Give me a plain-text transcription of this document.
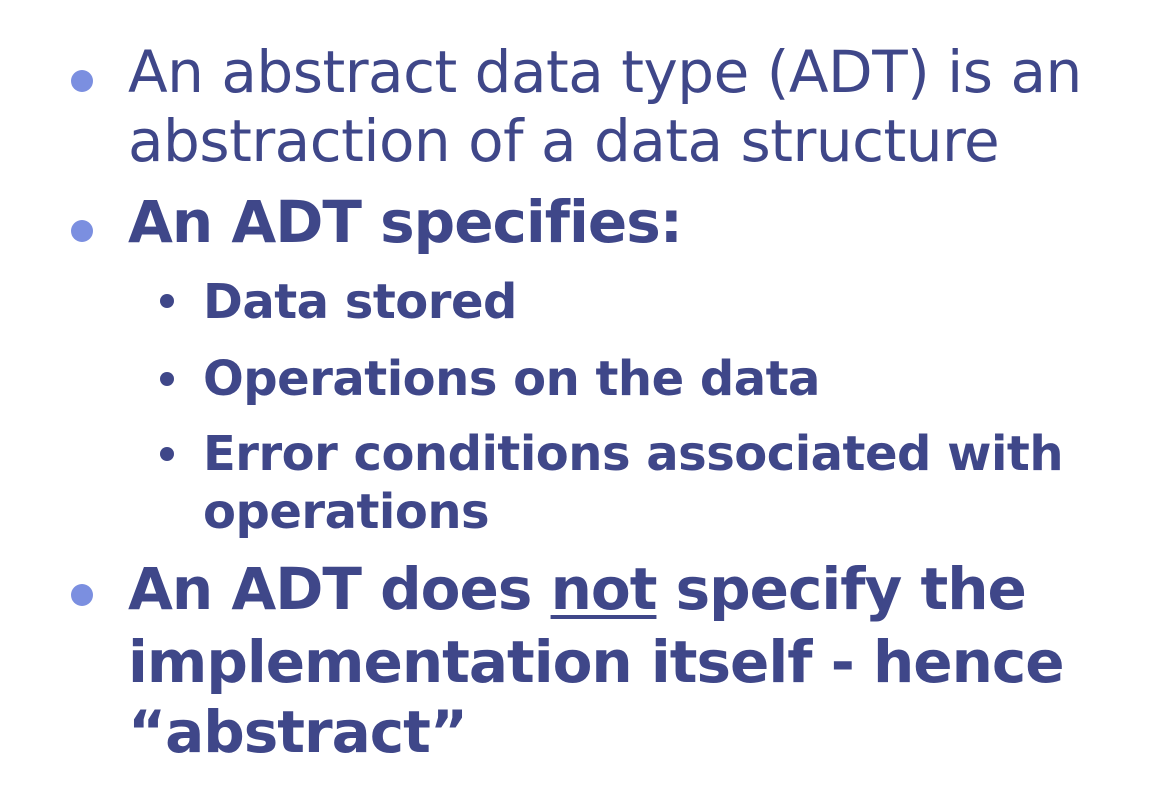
An abstract data type (ADT) is an
abstraction of a data structure
An ADT specifies:
Data stored
Operations on the data
Error conditions associated with
operations
An ADT does not specify the
implementation itself - hence
“abstract”
